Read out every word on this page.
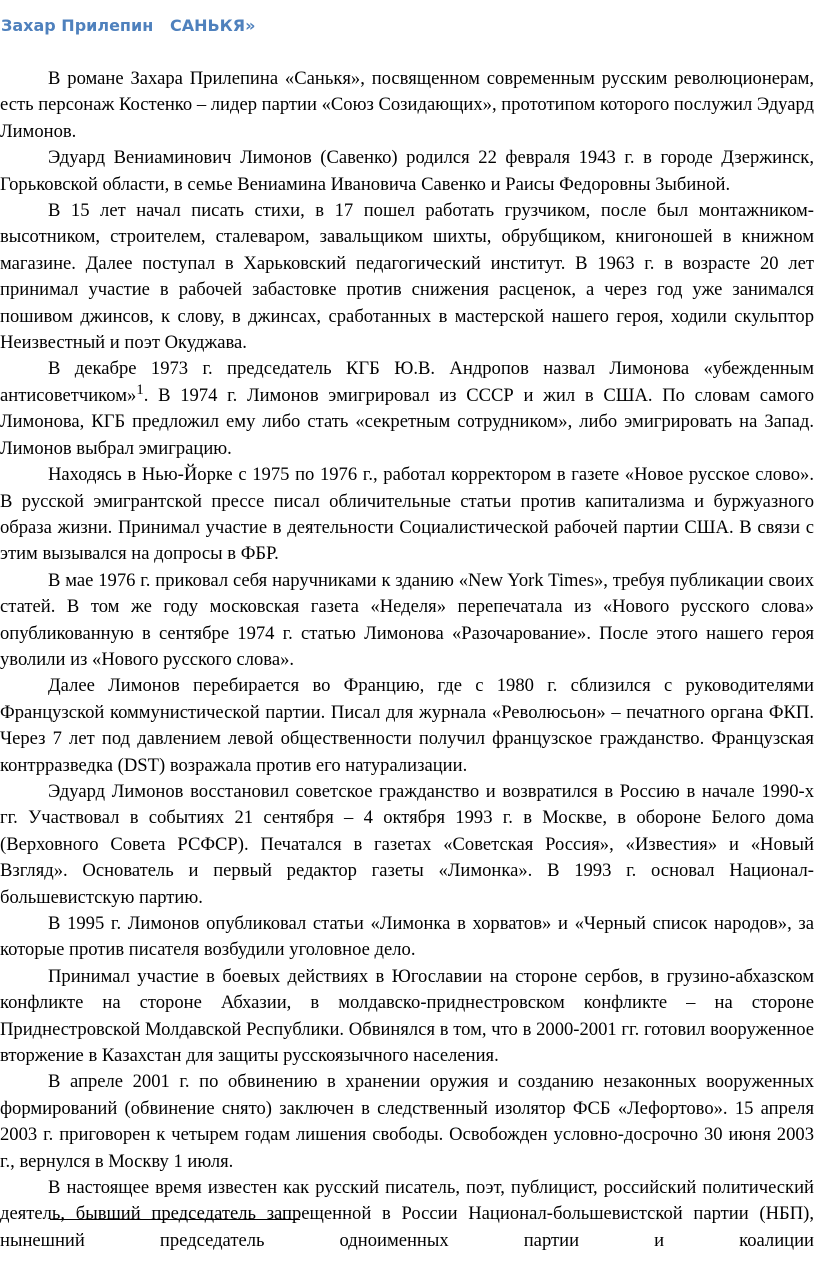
Захар Прилепин САНЬКЯ»

В романе Захара Прилепина «Санькя», посвященном современным русским революционерам, есть персонаж Костенко – лидер партии «Союз Созидающих», прототипом которого послужил Эдуард Лимонов.

Эдуард Вениаминович Лимонов (Савенко) родился 22 февраля 1943 г. в городе Дзержинск, Горьковской области, в семье Вениамина Ивановича Савенко и Раисы Федоровны Зыбиной.

В 15 лет начал писать стихи, в 17 пошел работать грузчиком, после был монтажником-высотником, строителем, сталеваром, завальщиком шихты, обрубщиком, книгоношей в книжном магазине. Далее поступал в Харьковский педагогический институт. В 1963 г. в возрасте 20 лет принимал участие в рабочей забастовке против снижения расценок, а через год уже занимался пошивом джинсов, к слову, в джинсах, сработанных в мастерской нашего героя, ходили скульптор Неизвестный и поэт Окуджава.

В декабре 1973 г. председатель КГБ Ю.В. Андропов назвал Лимонова «убежденным антисоветчиком»$^1$. В 1974 г. Лимонов эмигрировал из СССР и жил в США. По словам самого Лимонова, КГБ предложил ему либо стать «секретным сотрудником», либо эмигрировать на Запад. Лимонов выбрал эмиграцию.

Находясь в Нью-Йорке с 1975 по 1976 г., работал корректором в газете «Новое русское слово». В русской эмигрантской прессе писал обличительные статьи против капитализма и буржуазного образа жизни. Принимал участие в деятельности Социалистической рабочей партии США. В связи с этим вызывался на допросы в ФБР.

В мае 1976 г. приковал себя наручниками к зданию «New York Times», требуя публикации своих статей. В том же году московская газета «Неделя» перепечатала из «Нового русского слова» опубликованную в сентябре 1974 г. статью Лимонова «Разочарование». После этого нашего героя уволили из «Нового русского слова».

Далее Лимонов перебирается во Францию, где с 1980 г. сблизился с руководителями Французской коммунистической партии. Писал для журнала «Революсьон» – печатного органа ФКП. Через 7 лет под давлением левой общественности получил французское гражданство. Французская контрразведка (DST) возражала против его натурализации.

Эдуард Лимонов восстановил советское гражданство и возвратился в Россию в начале 1990-х гг. Участвовал в событиях 21 сентября – 4 октября 1993 г. в Москве, в обороне Белого дома (Верховного Совета РСФСР). Печатался в газетах «Советская Россия», «Известия» и «Новый Взгляд». Основатель и первый редактор газеты «Лимонка». В 1993 г. основал Национал-большевистскую партию.

В 1995 г. Лимонов опубликовал статьи «Лимонка в хорватов» и «Черный список народов», за которые против писателя возбудили уголовное дело.

Принимал участие в боевых действиях в Югославии на стороне сербов, в грузино-абхазском конфликте на стороне Абхазии, в молдавско-приднестровском конфликте – на стороне Приднестровской Молдавской Республики. Обвинялся в том, что в 2000-2001 гг. готовил вооруженное вторжение в Казахстан для защиты русскоязычного населения.

В апреле 2001 г. по обвинению в хранении оружия и созданию незаконных вооруженных формирований (обвинение снято) заключен в следственный изолятор ФСБ «Лефортово». 15 апреля 2003 г. приговорен к четырем годам лишения свободы. Освобожден условно-досрочно 30 июня 2003 г., вернулся в Москву 1 июля.

В настоящее время известен как русский писатель, поэт, публицист, российский политический деятель, бывший председатель запрещенной в России Национал-большевистской партии (НБП), нынешний председатель одноименных партии и коалиции
